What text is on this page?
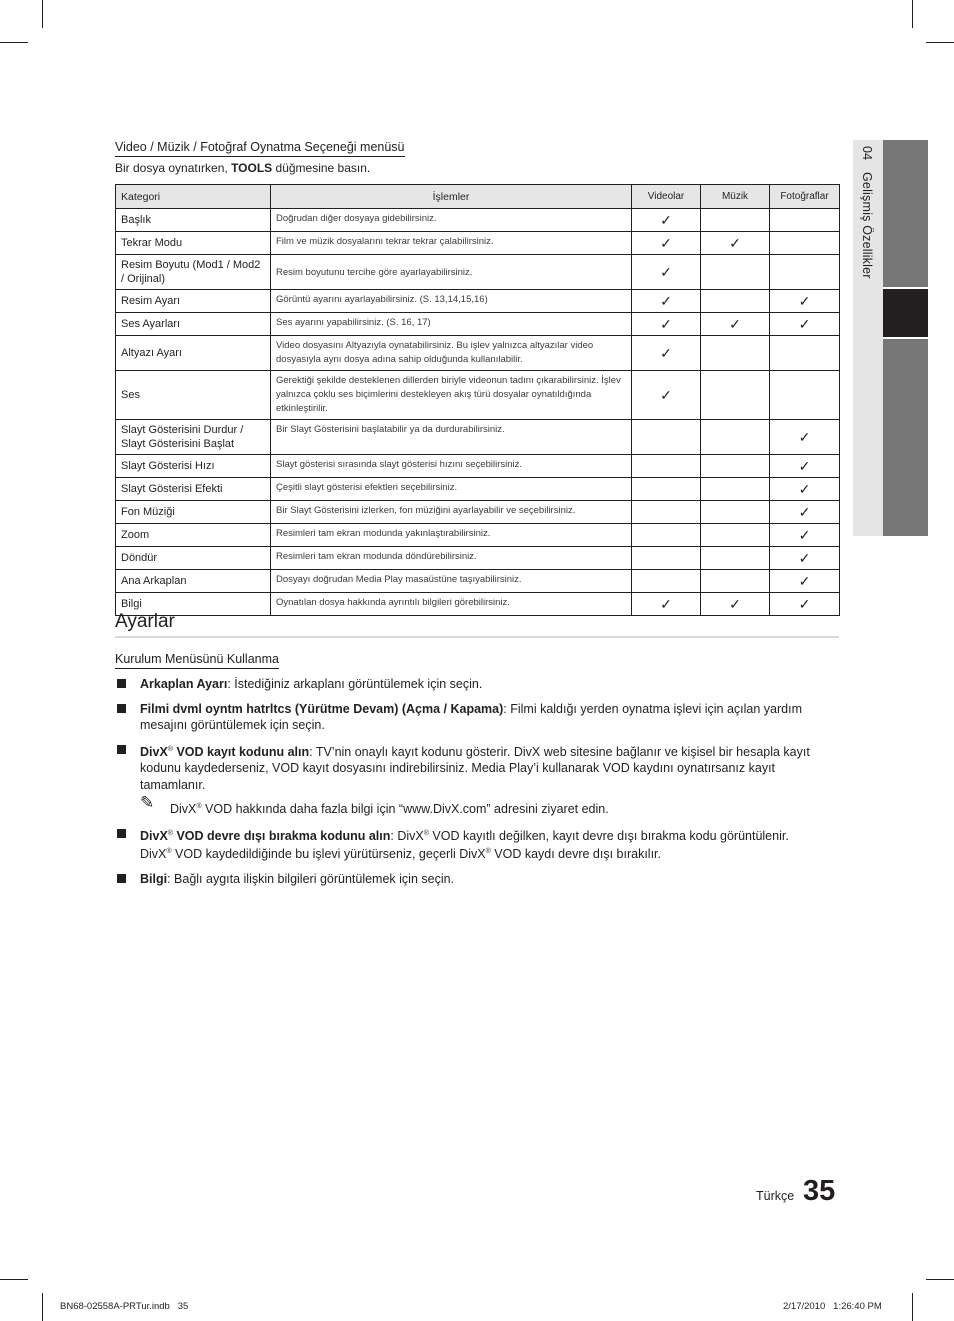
04 Gelişmiş Özellikler
Video / Müzik / Fotoğraf Oynatma Seçeneği menüsü
Bir dosya oynatırken, TOOLS düğmesine basın.
Kategori	İşlemler	Videolar	Müzik	Fotoğraflar
Başlık	Doğrudan diğer dosyaya gidebilirsiniz.	✓		
Tekrar Modu	Film ve müzik dosyalarını tekrar tekrar çalabilirsiniz.	✓	✓	
Resim Boyutu (Mod1 / Mod2 / Orijinal)	Resim boyutunu tercihe göre ayarlayabilirsiniz.	✓		
Resim Ayarı	Görüntü ayarını ayarlayabilirsiniz. (S. 13,14,15,16)	✓		✓
Ses Ayarları	Ses ayarını yapabilirsiniz. (S. 16, 17)	✓	✓	✓
Altyazı Ayarı	Video dosyasını Altyazıyla oynatabilirsiniz. Bu işlev yalnızca altyazılar video dosyasıyla aynı dosya adına sahip olduğunda kullanılabilir.	✓		
Ses	Gerektiği şekilde desteklenen dillerden biriyle videonun tadını çıkarabilirsiniz. İşlev yalnızca çoklu ses biçimlerini destekleyen akış türü dosyalar oynatıldığında etkinleştirilir.	✓		
Slayt Gösterisini Durdur / Slayt Gösterisini Başlat	Bir Slayt Gösterisini başlatabilir ya da durdurabilirsiniz.			✓
Slayt Gösterisi Hızı	Slayt gösterisi sırasında slayt gösterisi hızını seçebilirsiniz.			✓
Slayt Gösterisi Efekti	Çeşitli slayt gösterisi efektleri seçebilirsiniz.			✓
Fon Müziği	Bir Slayt Gösterisini izlerken, fon müziğini ayarlayabilir ve seçebilirsiniz.			✓
Zoom	Resimleri tam ekran modunda yakınlaştırabilirsiniz.			✓
Döndür	Resimleri tam ekran modunda döndürebilirsiniz.			✓
Ana Arkaplan	Dosyayı doğrudan Media Play masaüstüne taşıyabilirsiniz.			✓
Bilgi	Oynatılan dosya hakkında ayrıntılı bilgileri görebilirsiniz.	✓	✓	✓
Ayarlar
Kurulum Menüsünü Kullanma
Arkaplan Ayarı: İstediğiniz arkaplanı görüntülemek için seçin.
Filmi dvml oyntm hatrltcs (Yürütme Devam) (Açma / Kapama): Filmi kaldığı yerden oynatma işlevi için açılan yardım mesajını görüntülemek için seçin.
DivX® VOD kayıt kodunu alın: TV’nin onaylı kayıt kodunu gösterir. DivX web sitesine bağlanır ve kişisel bir hesapla kayıt kodunu kaydederseniz, VOD kayıt dosyasını indirebilirsiniz. Media Play’i kullanarak VOD kaydını oynatırsanız kayıt tamamlanır.
✎ DivX® VOD hakkında daha fazla bilgi için “www.DivX.com” adresini ziyaret edin.
DivX® VOD devre dışı bırakma kodunu alın: DivX® VOD kayıtlı değilken, kayıt devre dışı bırakma kodu görüntülenir. DivX® VOD kaydedildiğinde bu işlevi yürütürseniz, geçerli DivX® VOD kaydı devre dışı bırakılır.
Bilgi: Bağlı aygıta ilişkin bilgileri görüntülemek için seçin.
Türkçe 35
BN68-02558A-PRTur.indb   35	2/17/2010   1:26:40 PM
